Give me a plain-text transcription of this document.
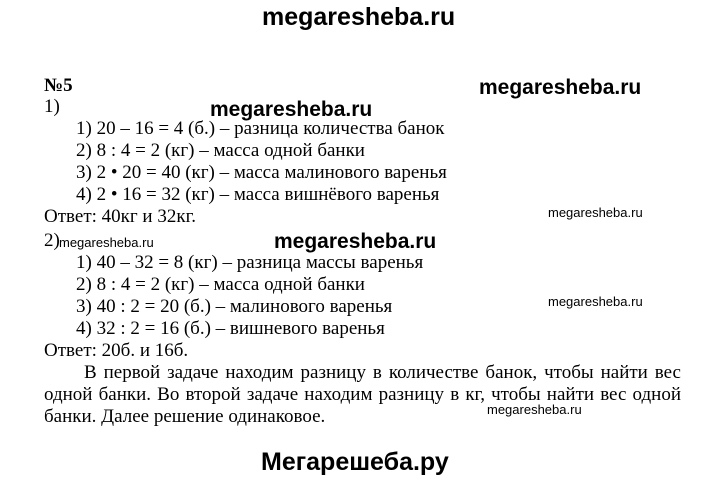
megaresheba.ru
megaresheba.ru
megaresheba.ru
megaresheba.ru
megaresheba.ru	megaresheba.ru
megaresheba.ru
megaresheba.ru
Мегарешеба.ру
№5
1)
1) 20 – 16 = 4 (б.) – разница количества банок
2) 8 : 4 = 2 (кг) – масса одной банки
3) 2 • 20 = 40 (кг) – масса малинового варенья
4) 2 • 16 = 32 (кг) – масса вишнёвого варенья
Ответ: 40кг и 32кг.
2)
1) 40 – 32 = 8 (кг) – разница массы варенья
2) 8 : 4 = 2 (кг) – масса одной банки
3) 40 : 2 = 20 (б.) – малинового варенья
4) 32 : 2 = 16 (б.) – вишневого варенья
Ответ: 20б. и 16б.
В первой задаче находим разницу в количестве банок, чтобы найти вес одной банки. Во второй задаче находим разницу в кг, чтобы найти вес одной банки. Далее решение одинаковое.
